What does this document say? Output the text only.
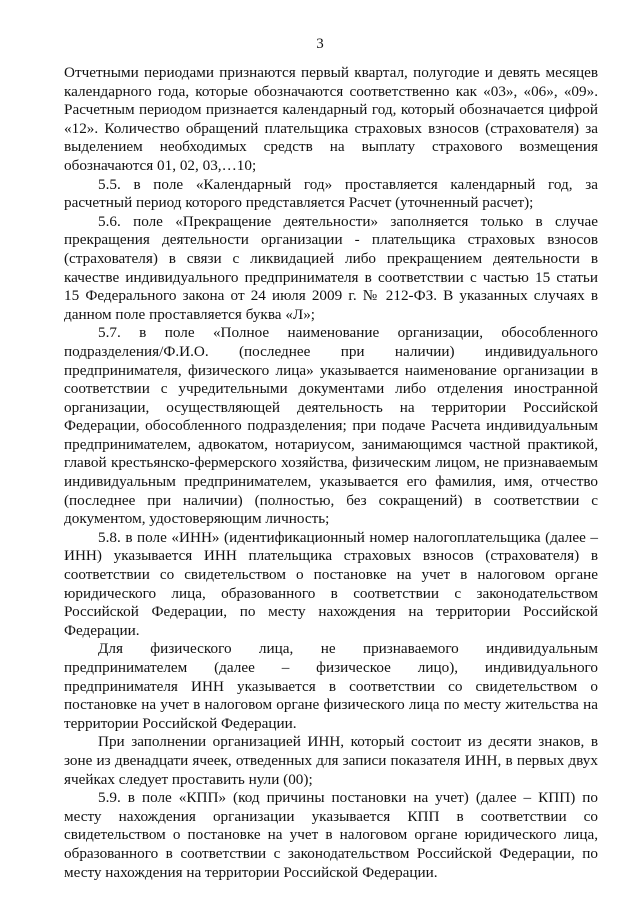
3

Отчетными периодами признаются первый квартал, полугодие и девять месяцев календарного года, которые обозначаются соответственно как «03», «06», «09». Расчетным периодом признается календарный год, который обозначается цифрой «12». Количество обращений плательщика страховых взносов (страхователя) за выделением необходимых средств на выплату страхового возмещения обозначаются 01, 02, 03,…10;

5.5. в поле «Календарный год» проставляется календарный год, за расчетный период которого представляется Расчет (уточненный расчет);

5.6. поле «Прекращение деятельности» заполняется только в случае прекращения деятельности организации - плательщика страховых взносов (страхователя) в связи с ликвидацией либо прекращением деятельности в качестве индивидуального предпринимателя в соответствии с частью 15 статьи 15 Федерального закона от 24 июля 2009 г. № 212-ФЗ. В указанных случаях в данном поле проставляется буква «Л»;

5.7. в поле «Полное наименование организации, обособленного подразделения/Ф.И.О. (последнее при наличии) индивидуального предпринимателя, физического лица» указывается наименование организации в соответствии с учредительными документами либо отделения иностранной организации, осуществляющей деятельность на территории Российской Федерации, обособленного подразделения; при подаче Расчета индивидуальным предпринимателем, адвокатом, нотариусом, занимающимся частной практикой, главой крестьянско-фермерского хозяйства, физическим лицом, не признаваемым индивидуальным предпринимателем, указывается его фамилия, имя, отчество (последнее при наличии) (полностью, без сокращений) в соответствии с документом, удостоверяющим личность;

5.8. в поле «ИНН» (идентификационный номер налогоплательщика (далее – ИНН) указывается ИНН плательщика страховых взносов (страхователя) в соответствии со свидетельством о постановке на учет в налоговом органе юридического лица, образованного в соответствии с законодательством Российской Федерации, по месту нахождения на территории Российской Федерации.

Для физического лица, не признаваемого индивидуальным предпринимателем (далее – физическое лицо), индивидуального предпринимателя ИНН указывается в соответствии со свидетельством о постановке на учет в налоговом органе физического лица по месту жительства на территории Российской Федерации.

При заполнении организацией ИНН, который состоит из десяти знаков, в зоне из двенадцати ячеек, отведенных для записи показателя ИНН, в первых двух ячейках следует проставить нули (00);

5.9. в поле «КПП» (код причины постановки на учет) (далее – КПП) по месту нахождения организации указывается КПП в соответствии со свидетельством о постановке на учет в налоговом органе юридического лица, образованного в соответствии с законодательством Российской Федерации, по месту нахождения на территории Российской Федерации.
